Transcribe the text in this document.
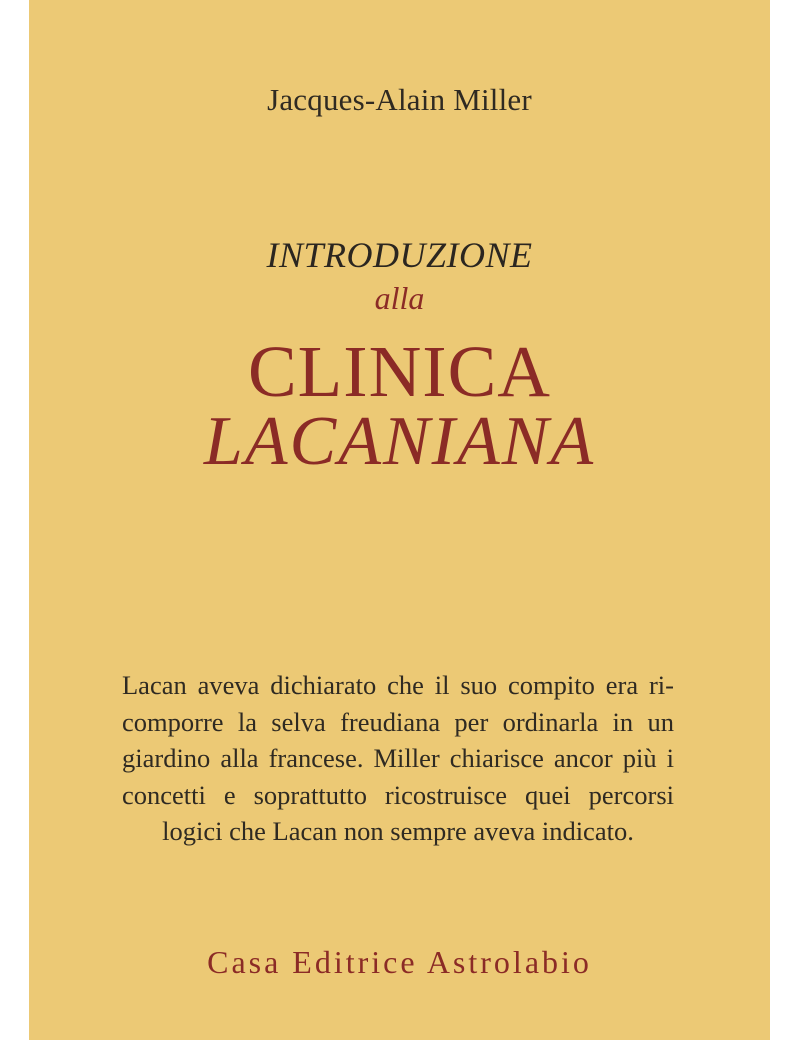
Jacques-Alain Miller
INTRODUZIONE
alla
CLINICA
LACANIANA
Lacan aveva dichiarato che il suo compito era ri-
comporre la selva freudiana per ordinarla in un
giardino alla francese. Miller chiarisce ancor più i
concetti e soprattutto ricostruisce quei percorsi
logici che Lacan non sempre aveva indicato.
Casa Editrice Astrolabio
